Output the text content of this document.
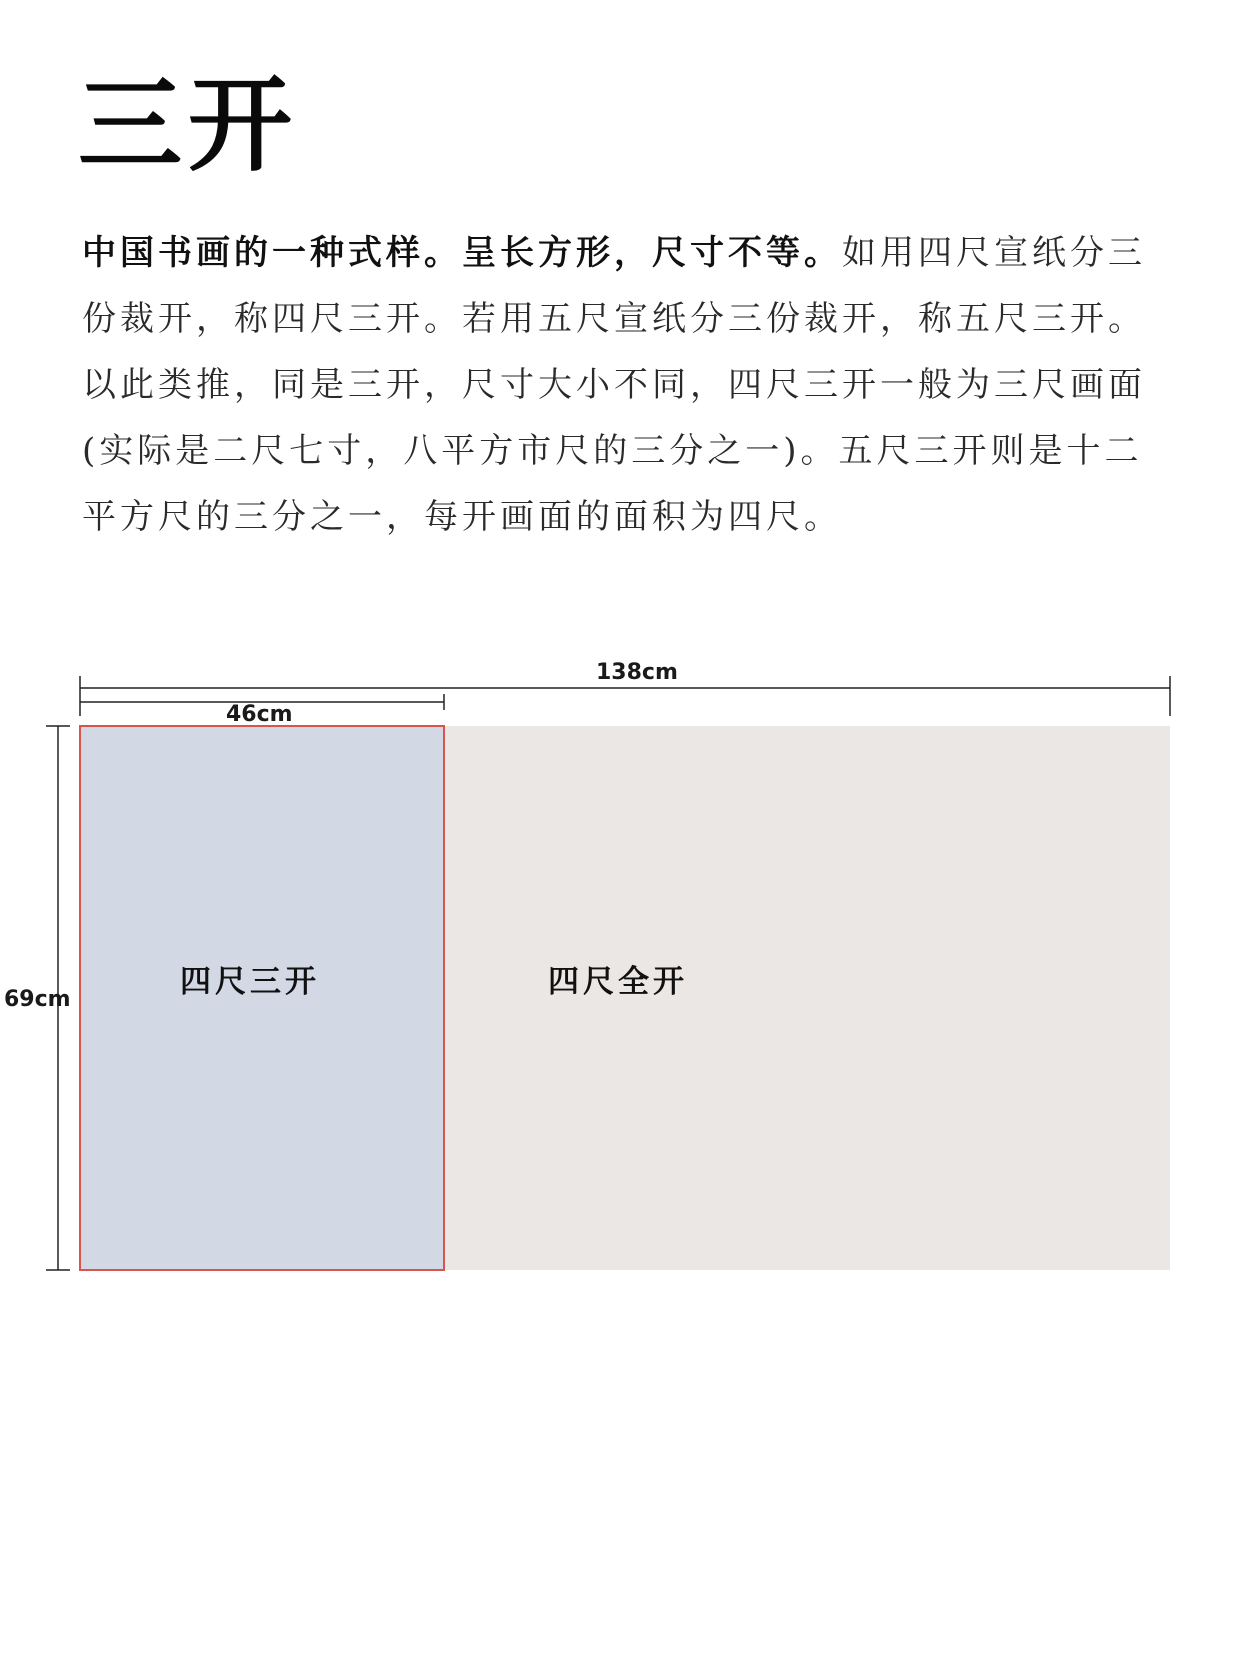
三开

中国书画的一种式样。呈长方形，尺寸不等。如用四尺宣纸分三份裁开，称四尺三开。若用五尺宣纸分三份裁开，称五尺三开。以此类推，同是三开，尺寸大小不同，四尺三开一般为三尺画面(实际是二尺七寸，八平方市尺的三分之一)。五尺三开则是十二平方尺的三分之一，每开画面的面积为四尺。

138cm
46cm
69cm	四尺三开	四尺全开
